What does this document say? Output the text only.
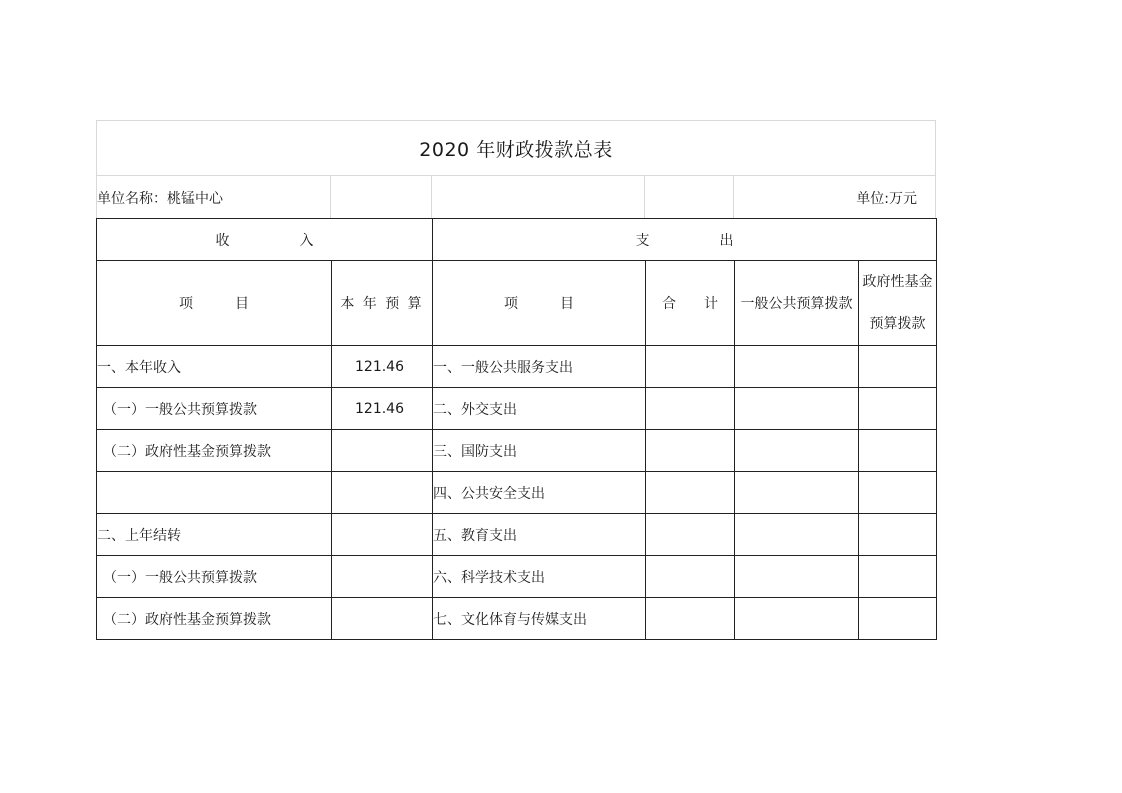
2020 年财政拨款总表
单位名称：桃锰中心	单位:万元
收　　　　　入		支　　　　　出			
项　　　目	本 年 预 算	项　　　目	合　　计	一般公共预算拨款	政府性基金
预算拨款

一、本年收入	121.46	一、一般公共服务支出			
（一）一般公共预算拨款	121.46	二、外交支出			
（二）政府性基金预算拨款		三、国防支出			
		四、公共安全支出			
二、上年结转		五、教育支出			
（一）一般公共预算拨款		六、科学技术支出			
（二）政府性基金预算拨款		七、文化体育与传媒支出			
